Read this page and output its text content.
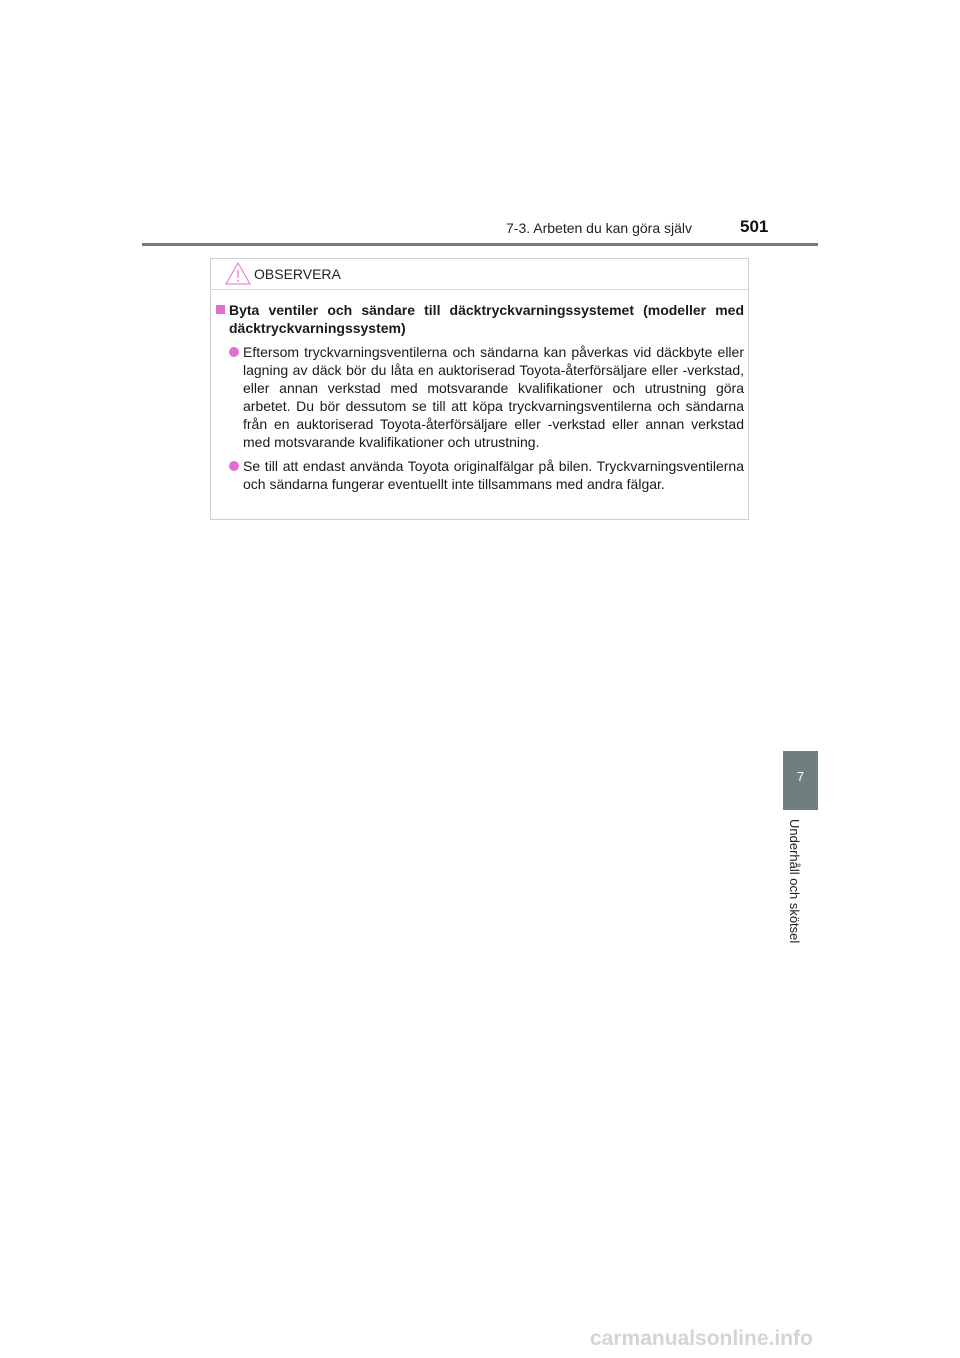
7-3. Arbeten du kan göra själv	501
OBSERVERA
Byta ventiler och sändare till däcktryckvarningssystemet (modeller med däcktryckvarningssystem)
Eftersom tryckvarningsventilerna och sändarna kan påverkas vid däckbyte eller lagning av däck bör du låta en auktoriserad Toyota-återförsäljare eller -verkstad, eller annan verkstad med motsvarande kvalifikationer och utrustning göra arbetet. Du bör dessutom se till att köpa tryckvarningsventilerna och sändarna från en auktoriserad Toyota-återförsäljare eller -verkstad eller annan verkstad med motsvarande kvalifikationer och utrustning.
Se till att endast använda Toyota originalfälgar på bilen. Tryckvarningsventilerna och sändarna fungerar eventuellt inte tillsammans med andra fälgar.
7
Underhåll och skötsel
carmanualsonline.info
